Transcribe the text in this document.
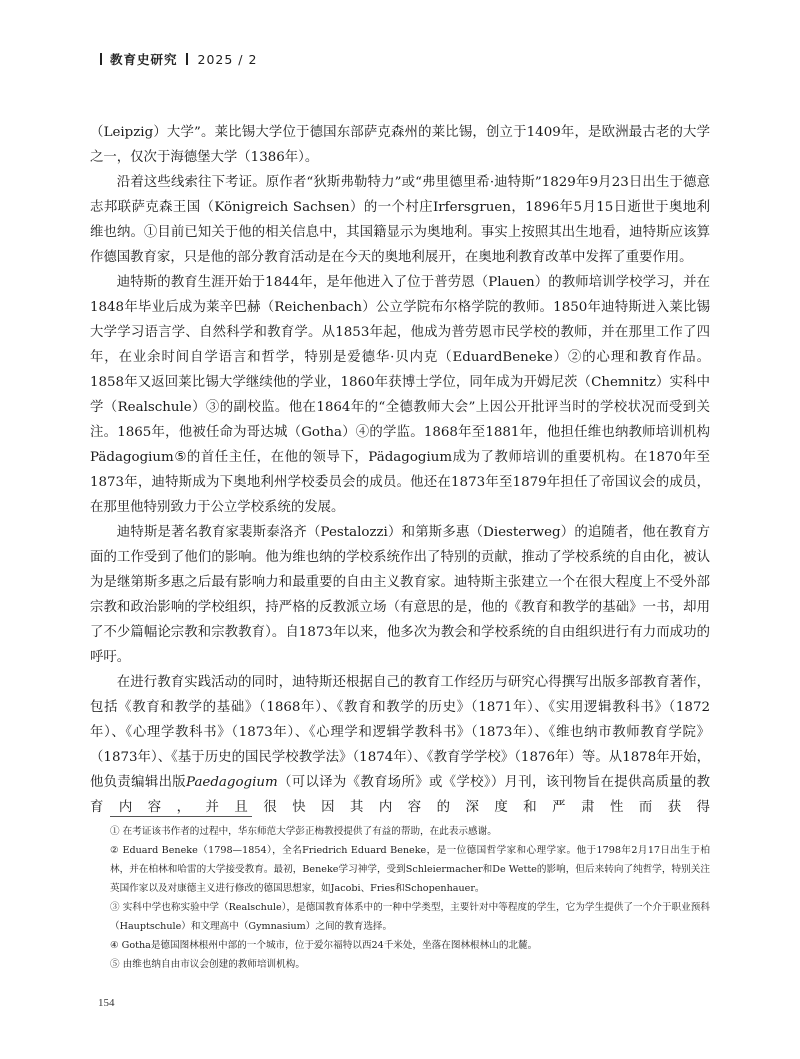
教育史研究 2025 / 2

（Leipzig）大学”。莱比锡大学位于德国东部萨克森州的莱比锡，创立于1409年，是欧洲最古老的大学之一，仅次于海德堡大学（1386年）。

沿着这些线索往下考证。原作者“狄斯弗勒特力”或“弗里德里希·迪特斯”1829年9月23日出生于德意志邦联萨克森王国（Königreich Sachsen）的一个村庄Irfersgruen，1896年5月15日逝世于奥地利维也纳。①目前已知关于他的相关信息中，其国籍显示为奥地利。事实上按照其出生地看，迪特斯应该算作德国教育家，只是他的部分教育活动是在今天的奥地利展开，在奥地利教育改革中发挥了重要作用。

迪特斯的教育生涯开始于1844年，是年他进入了位于普劳恩（Plauen）的教师培训学校学习，并在1848年毕业后成为莱辛巴赫（Reichenbach）公立学院布尔格学院的教师。1850年迪特斯进入莱比锡大学学习语言学、自然科学和教育学。从1853年起，他成为普劳恩市民学校的教师，并在那里工作了四年，在业余时间自学语言和哲学，特别是爱德华·贝内克（EduardBeneke）②的心理和教育作品。1858年又返回莱比锡大学继续他的学业，1860年获博士学位，同年成为开姆尼茨（Chemnitz）实科中学（Realschule）③的副校监。他在1864年的“全德教师大会”上因公开批评当时的学校状况而受到关注。1865年，他被任命为哥达城（Gotha）④的学监。1868年至1881年，他担任维也纳教师培训机构Pädagogium⑤的首任主任，在他的领导下，Pädagogium成为了教师培训的重要机构。在1870年至1873年，迪特斯成为下奥地利州学校委员会的成员。他还在1873年至1879年担任了帝国议会的成员，在那里他特别致力于公立学校系统的发展。

迪特斯是著名教育家裴斯泰洛齐（Pestalozzi）和第斯多惠（Diesterweg）的追随者，他在教育方面的工作受到了他们的影响。他为维也纳的学校系统作出了特别的贡献，推动了学校系统的自由化，被认为是继第斯多惠之后最有影响力和最重要的自由主义教育家。迪特斯主张建立一个在很大程度上不受外部宗教和政治影响的学校组织，持严格的反教派立场（有意思的是，他的《教育和教学的基础》一书，却用了不少篇幅论宗教和宗教教育）。自1873年以来，他多次为教会和学校系统的自由组织进行有力而成功的呼吁。

在进行教育实践活动的同时，迪特斯还根据自己的教育工作经历与研究心得撰写出版多部教育著作，包括《教育和教学的基础》（1868年）、《教育和教学的历史》（1871年）、《实用逻辑教科书》（1872年）、《心理学教科书》（1873年）、《心理学和逻辑学教科书》（1873年）、《维也纳市教师教育学院》（1873年）、《基于历史的国民学校教学法》（1874年）、《教育学学校》（1876年）等。从1878年开始，他负责编辑出版Paedagogium（可以译为《教育场所》或《学校》）月刊，该刊物旨在提供高质量的教育内容，并且很快因其内容的深度和严肃性而获得

① 在考证该书作者的过程中，华东师范大学彭正梅教授提供了有益的帮助，在此表示感谢。

② Eduard Beneke（1798—1854），全名Friedrich Eduard Beneke，是一位德国哲学家和心理学家。他于1798年2月17日出生于柏林，并在柏林和哈雷的大学接受教育。最初，Beneke学习神学，受到Schleiermacher和De Wette的影响，但后来转向了纯哲学，特别关注英国作家以及对康德主义进行修改的德国思想家，如Jacobi、Fries和Schopenhauer。

③ 实科中学也称实验中学（Realschule），是德国教育体系中的一种中学类型，主要针对中等程度的学生，它为学生提供了一个介于职业预科（Hauptschule）和文理高中（Gymnasium）之间的教育选择。

④ Gotha是德国图林根州中部的一个城市，位于爱尔福特以西24千米处，坐落在图林根林山的北麓。

⑤ 由维也纳自由市议会创建的教师培训机构。

154
